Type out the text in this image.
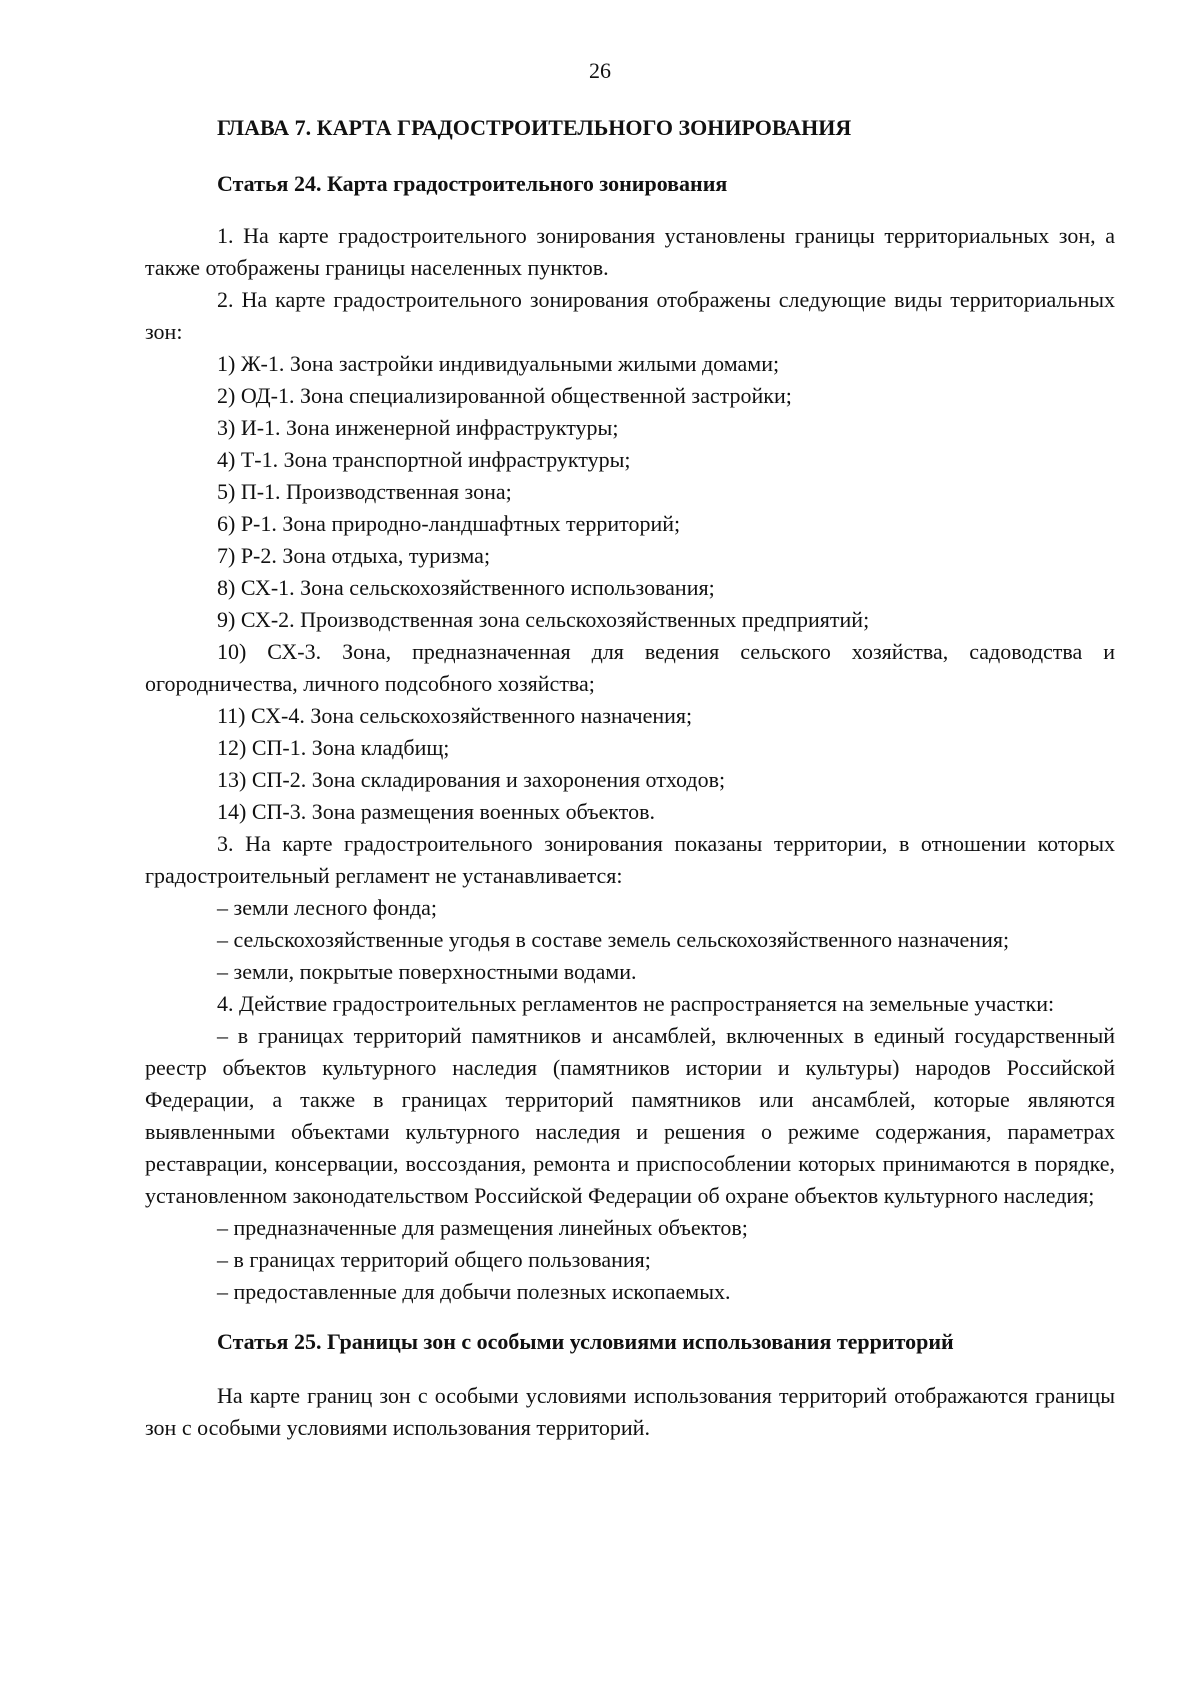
26
ГЛАВА 7. КАРТА ГРАДОСТРОИТЕЛЬНОГО ЗОНИРОВАНИЯ
Статья 24. Карта градостроительного зонирования

1. На карте градостроительного зонирования установлены границы территориальных зон, а также отображены границы населенных пунктов.

2. На карте градостроительного зонирования отображены следующие виды территориальных зон:

1) Ж-1. Зона застройки индивидуальными жилыми домами;

2) ОД-1. Зона специализированной общественной застройки;

3) И-1. Зона инженерной инфраструктуры;

4) Т-1. Зона транспортной инфраструктуры;

5) П-1. Производственная зона;

6) Р-1. Зона природно-ландшафтных территорий;

7) Р-2. Зона отдыха, туризма;

8) СХ-1. Зона сельскохозяйственного использования;

9) СХ-2. Производственная зона сельскохозяйственных предприятий;

10) СХ-3. Зона, предназначенная для ведения сельского хозяйства, садоводства и огородничества, личного подсобного хозяйства;

11) СХ-4. Зона сельскохозяйственного назначения;

12) СП-1. Зона кладбищ;

13) СП-2. Зона складирования и захоронения отходов;

14) СП-3. Зона размещения военных объектов.

3. На карте градостроительного зонирования показаны территории, в отношении которых градостроительный регламент не устанавливается:

– земли лесного фонда;

– сельскохозяйственные угодья в составе земель сельскохозяйственного назначения;

– земли, покрытые поверхностными водами.

4. Действие градостроительных регламентов не распространяется на земельные участки:

– в границах территорий памятников и ансамблей, включенных в единый государственный реестр объектов культурного наследия (памятников истории и культуры) народов Российской Федерации, а также в границах территорий памятников или ансамблей, которые являются выявленными объектами культурного наследия и решения о режиме содержания, параметрах реставрации, консервации, воссоздания, ремонта и приспособлении которых принимаются в порядке, установленном законодательством Российской Федерации об охране объектов культурного наследия;

– предназначенные для размещения линейных объектов;

– в границах территорий общего пользования;

– предоставленные для добычи полезных ископаемых.

Статья 25. Границы зон с особыми условиями использования территорий

На карте границ зон с особыми условиями использования территорий отображаются границы зон с особыми условиями использования территорий.
